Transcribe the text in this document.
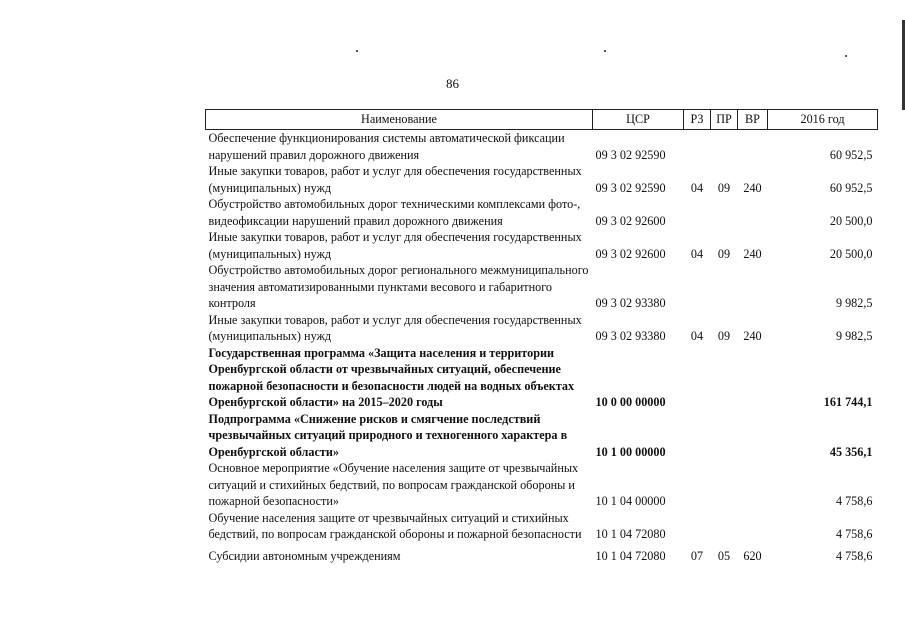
86
Наименование	ЦСР	РЗ	ПР	ВР	2016 год
Обеспечение функционирования системы автоматической фиксации нарушений правил дорожного движения	09 3 02 92590				60 952,5
Иные закупки товаров, работ и услуг для обеспечения государственных (муниципальных) нужд	09 3 02 92590	04	09	240	60 952,5
Обустройство автомобильных дорог техническими комплексами фото-, видеофиксации нарушений правил дорожного движения	09 3 02 92600				20 500,0
Иные закупки товаров, работ и услуг для обеспечения государственных (муниципальных) нужд	09 3 02 92600	04	09	240	20 500,0
Обустройство автомобильных дорог регионального межмуниципального значения автоматизированными пунктами весового и габаритного контроля	09 3 02 93380				9 982,5
Иные закупки товаров, работ и услуг для обеспечения государственных (муниципальных) нужд	09 3 02 93380	04	09	240	9 982,5
Государственная программа «Защита населения и территории Оренбургской области от чрезвычайных ситуаций, обеспечение пожарной безопасности и безопасности людей на водных объектах Оренбургской области» на 2015–2020 годы	10 0 00 00000				161 744,1
Подпрограмма «Снижение рисков и смягчение последствий чрезвычайных ситуаций природного и техногенного характера в Оренбургской области»	10 1 00 00000				45 356,1
Основное мероприятие «Обучение населения защите от чрезвычайных ситуаций и стихийных бедствий, по вопросам гражданской обороны и пожарной безопасности»	10 1 04 00000				4 758,6
Обучение населения защите от чрезвычайных ситуаций и стихийных бедствий, по вопросам гражданской обороны и пожарной безопасности	10 1 04 72080				4 758,6
Субсидии автономным учреждениям	10 1 04 72080	07	05	620	4 758,6
